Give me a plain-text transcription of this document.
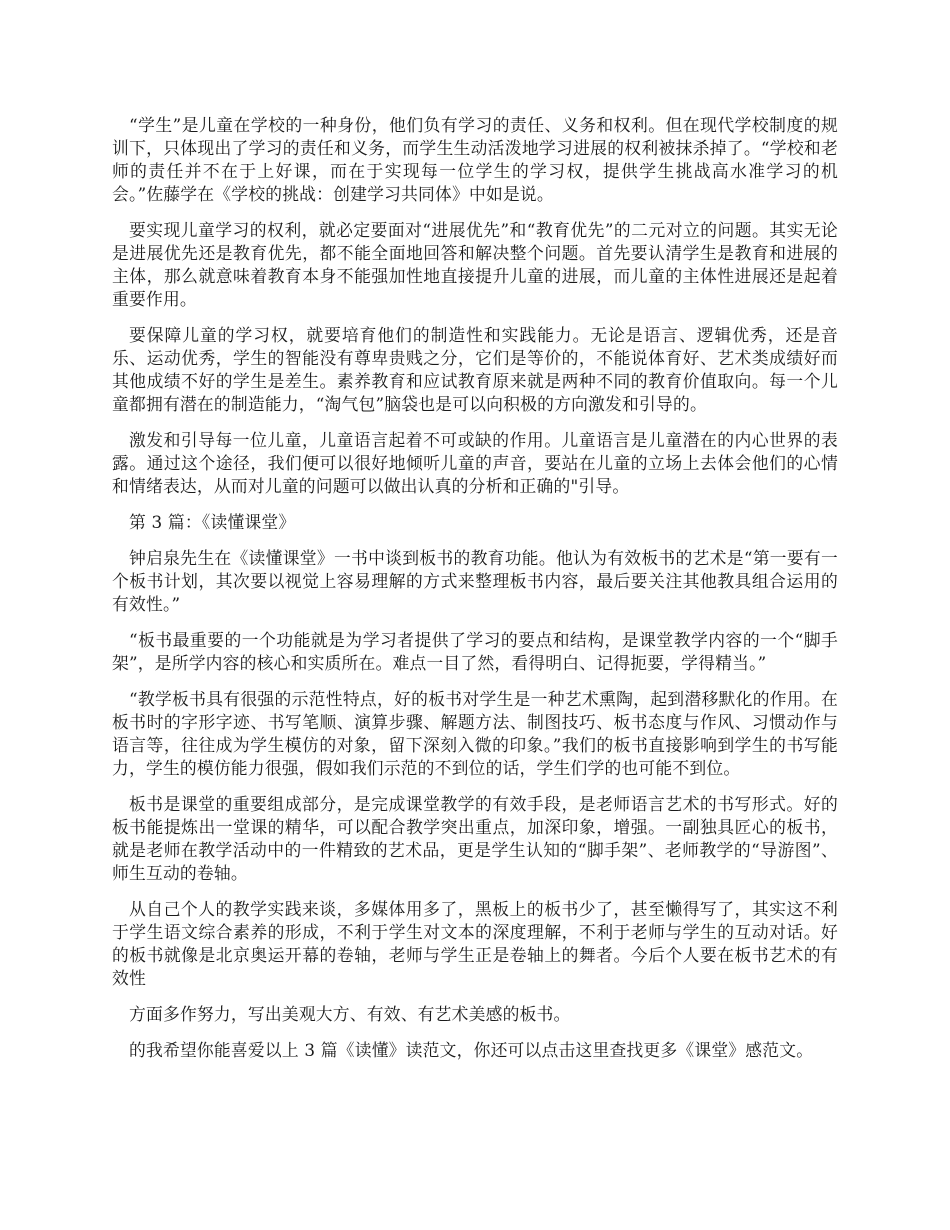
“学生”是儿童在学校的一种身份，他们负有学习的责任、义务和权利。但在现代学校制度的规训下，只体现出了学习的责任和义务，而学生生动活泼地学习进展的权利被抹杀掉了。“学校和老师的责任并不在于上好课，而在于实现每一位学生的学习权，提供学生挑战高水准学习的机会。”佐藤学在《学校的挑战：创建学习共同体》中如是说。

要实现儿童学习的权利，就必定要面对“进展优先”和“教育优先”的二元对立的问题。其实无论是进展优先还是教育优先，都不能全面地回答和解决整个问题。首先要认清学生是教育和进展的主体，那么就意味着教育本身不能强加性地直接提升儿童的进展，而儿童的主体性进展还是起着重要作用。

要保障儿童的学习权，就要培育他们的制造性和实践能力。无论是语言、逻辑优秀，还是音乐、运动优秀，学生的智能没有尊卑贵贱之分，它们是等价的，不能说体育好、艺术类成绩好而其他成绩不好的学生是差生。素养教育和应试教育原来就是两种不同的教育价值取向。每一个儿童都拥有潜在的制造能力，“淘气包”脑袋也是可以向积极的方向激发和引导的。

激发和引导每一位儿童，儿童语言起着不可或缺的作用。儿童语言是儿童潜在的内心世界的表露。通过这个途径，我们便可以很好地倾听儿童的声音，要站在儿童的立场上去体会他们的心情和情绪表达，从而对儿童的问题可以做出认真的分析和正确的"引导。

第 3 篇：《读懂课堂》

钟启泉先生在《读懂课堂》一书中谈到板书的教育功能。他认为有效板书的艺术是“第一要有一个板书计划，其次要以视觉上容易理解的方式来整理板书内容，最后要关注其他教具组合运用的有效性。”

“板书最重要的一个功能就是为学习者提供了学习的要点和结构，是课堂教学内容的一个“脚手架”，是所学内容的核心和实质所在。难点一目了然，看得明白、记得扼要，学得精当。”

“教学板书具有很强的示范性特点，好的板书对学生是一种艺术熏陶，起到潜移默化的作用。在板书时的字形字迹、书写笔顺、演算步骤、解题方法、制图技巧、板书态度与作风、习惯动作与语言等，往往成为学生模仿的对象，留下深刻入微的印象。”我们的板书直接影响到学生的书写能力，学生的模仿能力很强，假如我们示范的不到位的话，学生们学的也可能不到位。

板书是课堂的重要组成部分，是完成课堂教学的有效手段，是老师语言艺术的书写形式。好的板书能提炼出一堂课的精华，可以配合教学突出重点，加深印象，增强。一副独具匠心的板书，就是老师在教学活动中的一件精致的艺术品，更是学生认知的“脚手架”、老师教学的“导游图”、师生互动的卷轴。

从自己个人的教学实践来谈，多媒体用多了，黑板上的板书少了，甚至懒得写了，其实这不利于学生语文综合素养的形成，不利于学生对文本的深度理解，不利于老师与学生的互动对话。好的板书就像是北京奥运开幕的卷轴，老师与学生正是卷轴上的舞者。今后个人要在板书艺术的有效性

方面多作努力，写出美观大方、有效、有艺术美感的板书。

的我希望你能喜爱以上 3 篇《读懂》读范文，你还可以点击这里查找更多《课堂》感范文。
